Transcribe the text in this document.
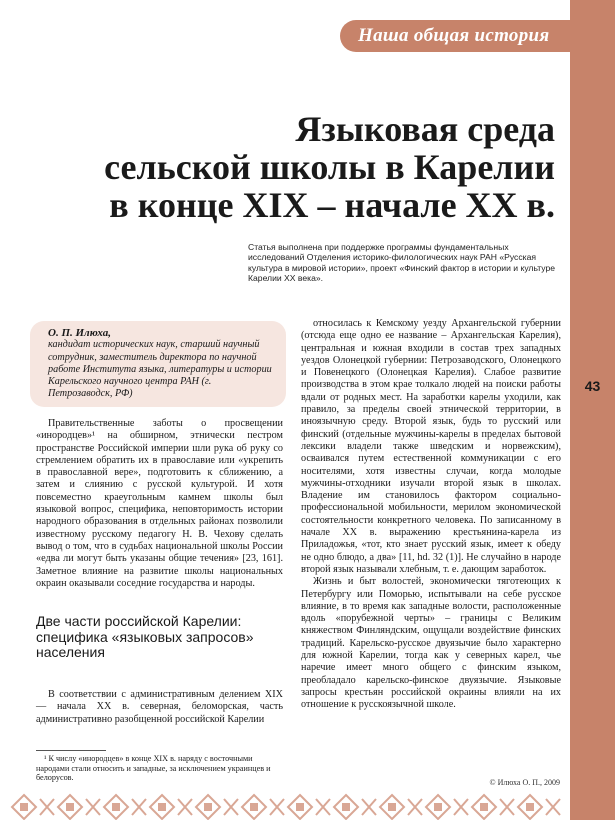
Наша общая история
43
Языковая среда
сельской школы в Карелии
в конце XIX – начале XX в.
Статья выполнена при поддержке программы фундаментальных исследований Отделения историко-филологических наук РАН «Русская культура в мировой истории», проект «Финский фактор в истории и культуре Карелии XX века».
О. П. Илюха,
кандидат исторических наук, старший научный сотрудник, заместитель директора по научной работе Института языка, литературы и истории Карельского научного центра РАН (г. Петрозаводск, РФ)

Правительственные заботы о просвещении «инородцев»¹ на обширном, этнически пестром пространстве Российской империи шли рука об руку со стремлением обратить их в православие или «укрепить в православной вере», подготовить к сближению, а затем и слиянию с русской культурой. И хотя повсеместно краеугольным камнем школы был языковой вопрос, специфика, неповторимость истории народного образования в отдельных районах позволили известному русскому педагогу Н. В. Чехову сделать вывод о том, что в судьбах национальной школы России «едва ли могут быть указаны общие течения» [23, 161]. Заметное влияние на развитие школы национальных окраин оказывали соседние государства и народы.

Две части российской Карелии: специфика «языковых запросов» населения

В соответствии с административным делением XIX — начала XX в. северная, беломорская, часть административно разобщенной российской Карелии

¹ К числу «инородцев» в конце XIX в. наряду с восточными народами стали относить и западные, за исключением украинцев и белорусов.

относилась к Кемскому уезду Архангельской губернии (отсюда еще одно ее название – Архангельская Карелия), центральная и южная входили в состав трех западных уездов Олонецкой губернии: Петрозаводского, Олонецкого и Повенецкого (Олонецкая Карелия). Слабое развитие производства в этом крае толкало людей на поиски работы вдали от родных мест. На заработки карелы уходили, как правило, за пределы своей этнической территории, в иноязычную среду. Второй язык, будь то русский или финский (отдельные мужчины-карелы в пределах бытовой лексики владели также шведским и норвежским), осваивался путем естественной коммуникации с его носителями, хотя известны случаи, когда молодые мужчины-отходники изучали второй язык в школах. Владение им становилось фактором социально-профессиональной мобильности, мерилом экономической состоятельности конкретного человека. По записанному в начале XX в. выражению крестьянина-карела из Приладожья, «тот, кто знает русский язык, имеет к обеду не одно блюдо, а два» [11, hd. 32 (1)]. Не случайно в народе второй язык называли хлебным, т. е. дающим заработок.

Жизнь и быт волостей, экономически тяготеющих к Петербургу или Поморью, испытывали на себе русское влияние, в то время как западные волости, расположенные вдоль «порубежной черты» – границы с Великим княжеством Финляндским, ощущали воздействие финских традиций. Карельско-русское двуязычие было характерно для южной Карелии, тогда как у северных карел, чье наречие имеет много общего с финским языком, преобладало карельско-финское двуязычие. Языковые запросы крестьян российской окраины влияли на их отношение к русскоязычной школе.

© Илюха О. П., 2009
